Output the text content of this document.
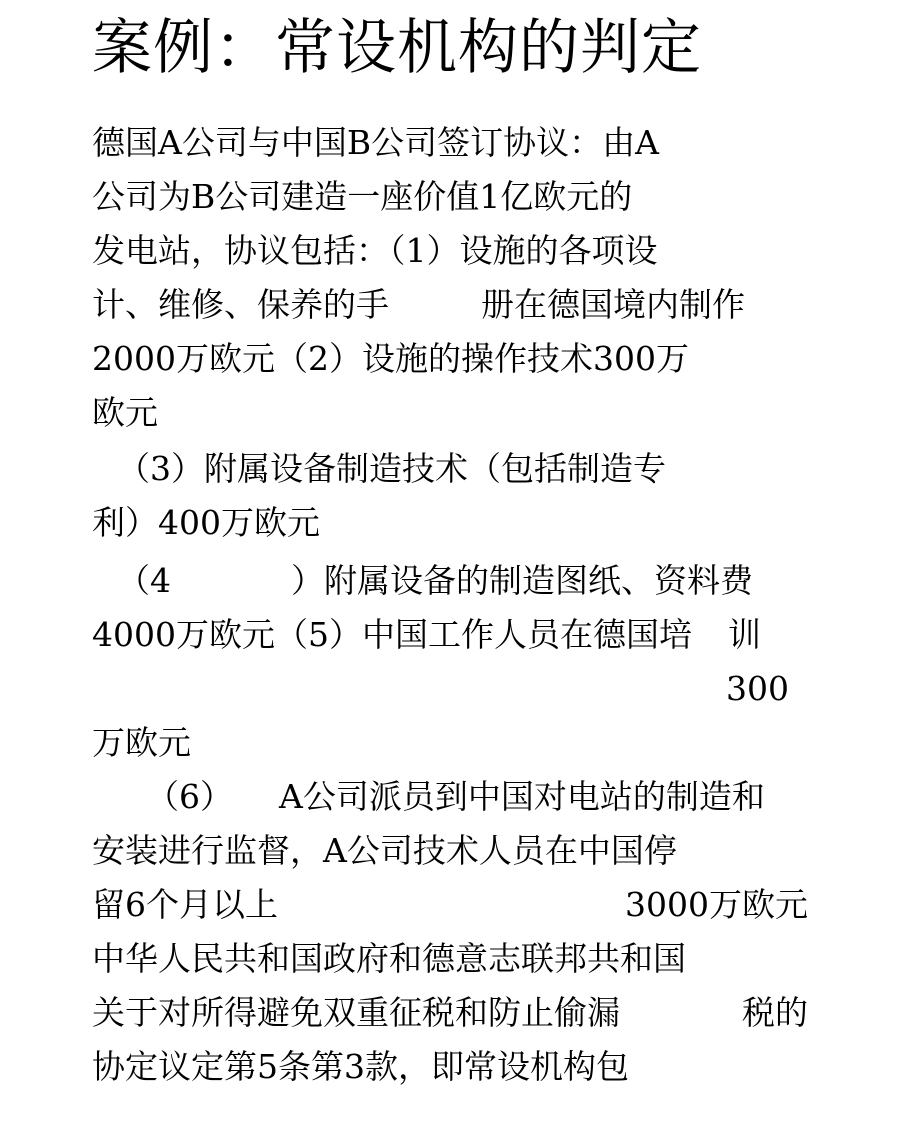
案例：常设机构的判定
德国A公司与中国B公司签订协议：由A
公司为B公司建造一座价值1亿欧元的
发电站，协议包括：（1）设施的各项设
计、维修、保养的手	册在德国境内制作
2000万欧元（2）设施的操作技术300万
欧元
（3）附属设备制造技术（包括制造专
利）400万欧元
（4	）附属设备的制造图纸、资料费
4000万欧元（5）中国工作人员在德国培 训
300
万欧元
（6） A公司派员到中国对电站的制造和
安装进行监督，A公司技术人员在中国停
留6个月以上	3000万欧元
中华人民共和国政府和德意志联邦共和国
关于对所得避免双重征税和防止偷漏	税的
协定议定第5条第3款，即常设机构包
